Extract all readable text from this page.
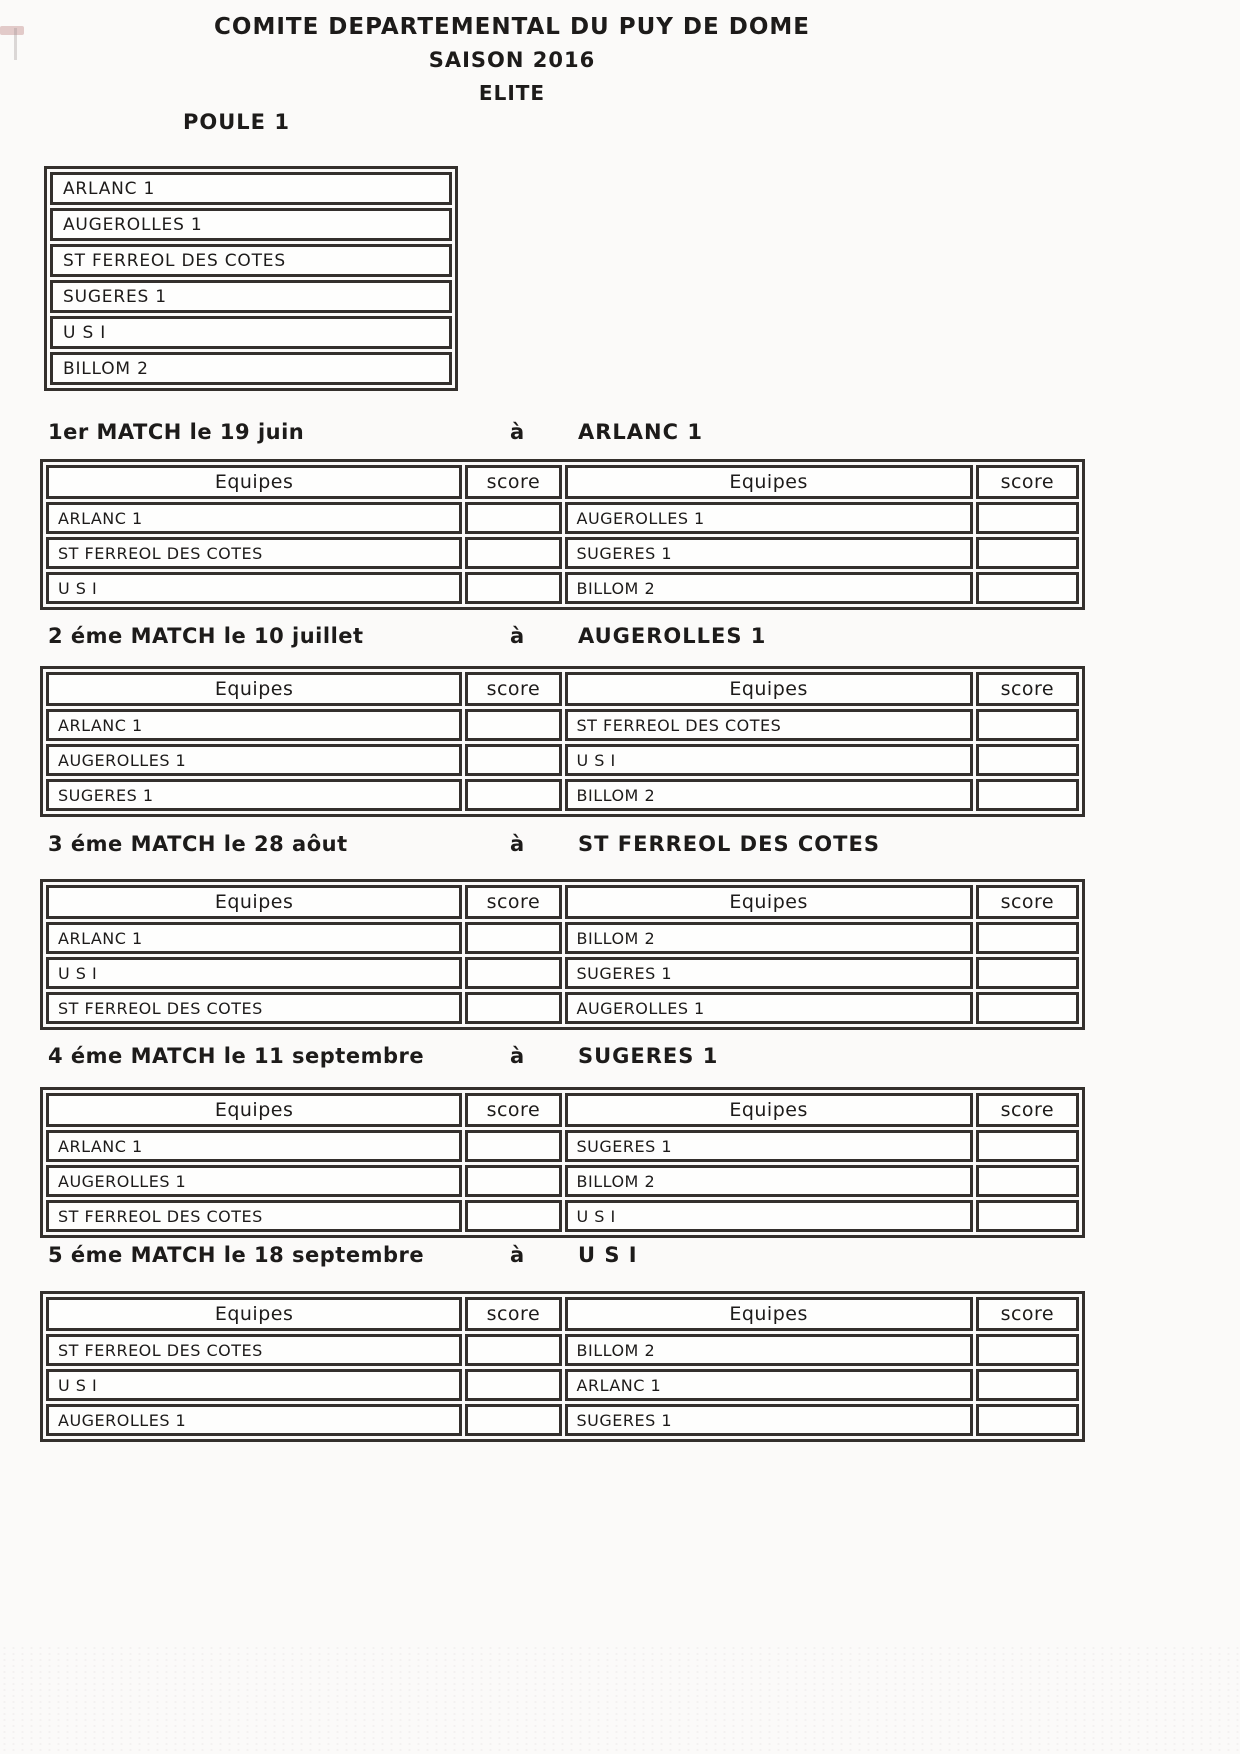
COMITE DEPARTEMENTAL DU PUY DE DOME
SAISON 2016
ELITE
POULE 1
ARLANC 1
AUGEROLLES 1
ST FERREOL DES COTES
SUGERES 1
U S I
BILLOM 2
1er MATCH le 19 juin	à	ARLANC 1
Equipes	score	Equipes	score
ARLANC 1		AUGEROLLES 1	
ST FERREOL DES COTES		SUGERES 1	
U S I		BILLOM 2	
2 éme MATCH le 10 juillet	à	AUGEROLLES 1
Equipes	score	Equipes	score
ARLANC 1		ST FERREOL DES COTES	
AUGEROLLES 1		U S I	
SUGERES 1		BILLOM 2	
3 éme MATCH le 28 aôut	à	ST FERREOL DES COTES
Equipes	score	Equipes	score
ARLANC 1		BILLOM 2	
U S I		SUGERES 1	
ST FERREOL DES COTES		AUGEROLLES 1	
4 éme MATCH le 11 septembre	à	SUGERES 1
Equipes	score	Equipes	score
ARLANC 1		SUGERES 1	
AUGEROLLES 1		BILLOM 2	
ST FERREOL DES COTES		U S I	
5 éme MATCH le 18 septembre	à	U S I
Equipes	score	Equipes	score
ST FERREOL DES COTES		BILLOM 2	
U S I		ARLANC 1	
AUGEROLLES 1		SUGERES 1	
